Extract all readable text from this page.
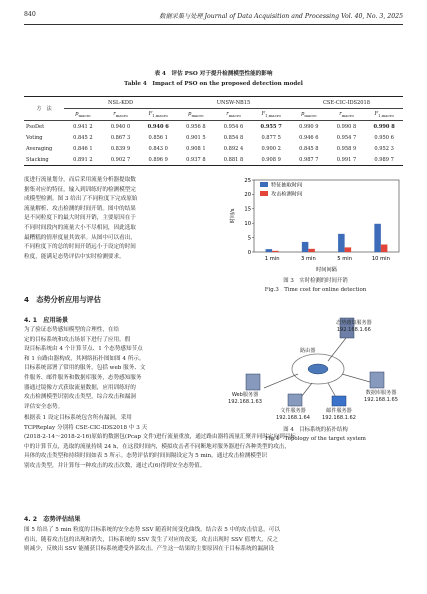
840	数据采集与处理 Journal of Data Acquisition and Processing Vol. 40, No. 3, 2025
表 4　评估 PSO 对于提升检测模型性能的影响
Table 4　Impact of PSO on the proposed detection model
方　法	NSL-KDD			UNSW-NB15			CSE-CIC-IDS2018		
	$p_{macro}$	$r_{macro}$	$F_{1,macro}$	$p_{macro}$	$r_{macro}$	$F_{1,macro}$	$p_{macro}$	$r_{macro}$	$F_{1,macro}$
PsoDet	0.941 2	0.940 0	0.940 6	0.956 8	0.954 6	0.955 7	0.990 9	0.990 8	0.990 8
Voting	0.845 2	0.867 3	0.856 1	0.901 5	0.854 8	0.877 5	0.946 6	0.954 7	0.950 6
Averaging	0.846 1	0.839 9	0.843 0	0.908 1	0.892 4	0.900 2	0.845 8	0.958 9	0.952 3
Stacking	0.891 2	0.902 7	0.896 9	0.937 8	0.881 8	0.908 9	0.987 7	0.991 7	0.989 7
度进行流量划分，而后采用流量分析器提取数
据集对应的特征，输入到训练好的检测模型完
成模型检测。图 3 给出了不同粒度下完成原始
流量解析、攻击检测的时间开销。图中的结果
是不同粒度下的最大时间开销，主要原因在于
不同时间段内的流量大小不尽相同，因此选取
最糟糕的情形度量其效率。从图中可以看出，
不同粒度下的总的时间开销远小于设定的时间
粒度，能满足态势评估中实时检测要求。
0
5
10
15
20
25
1 min	3 min	5 min	10 min
时间/s
时间间隔
特征抽取时间
攻击检测时间
图 3　实时检测的时间开销
Fig.3　Time cost for online detection
4　态势分析应用与评估
4. 1　应用场景
为了验证态势感知模型的合理性，在给
定的目标系统和攻击场景下进行了应用。假
设目标系统由 4 个计算节点、1 个态势感知节点
和 1 台路由器构成，其网络拓扑图如图 4 所示。
目标系统部署了常用的服务，包括 web 服务、文
件服务、邮件服务和数据库服务，态势感知服务
器通过镜像方式获取流量数据，应用训练好的
攻击检测模型识别攻击类型，综合攻击和漏洞
评估安全态势。
态势感知服务器
192.168.1.66
路由器
Web服务器
192.168.1.63
文件服务器
192.168.1.64
邮件服务器
192.168.1.62
数据库服务器
192.168.1.65
图 4　目标系统的拓扑结构
Fig.4　Topology of the target system
根据表 1 设定目标系统包含所有漏洞，采用
TCPReplay 分别将 CSE-CIC-IDS2018 中 3 天
(2018-2-14～2018-2-16)原始的数据包(Pcap 文件)进行流量重放，通过路由器将流量汇聚并同时定向到目标
中的计算节点，选取的流量持续 24 h，在这段时间内，模拟攻击者不同断地对服务器进行各种类型的攻击，
具体的攻击类型和持续时间如表 5 所示。态势评估的时间间隔设定为 5 min，通过攻击检测模型识
别攻击类型，并计算每一种攻击的攻击次数，通过式(6)得到安全态势值。
4. 2　态势评估结果
图 5 给出了 5 min 粒度的目标系统的安全态势 SSV 随着时间变化曲线。结合表 5 中的攻击信息，可以
看出，随着攻击包的出现和消失，目标系统的 SSV 发生了对应的改变，攻击出现时 SSV 值增大，反之
则减少，反映出 SSV 能捕获目标系统遭受外部攻击。产生这一结果的主要原因在于目标系统的漏洞设
